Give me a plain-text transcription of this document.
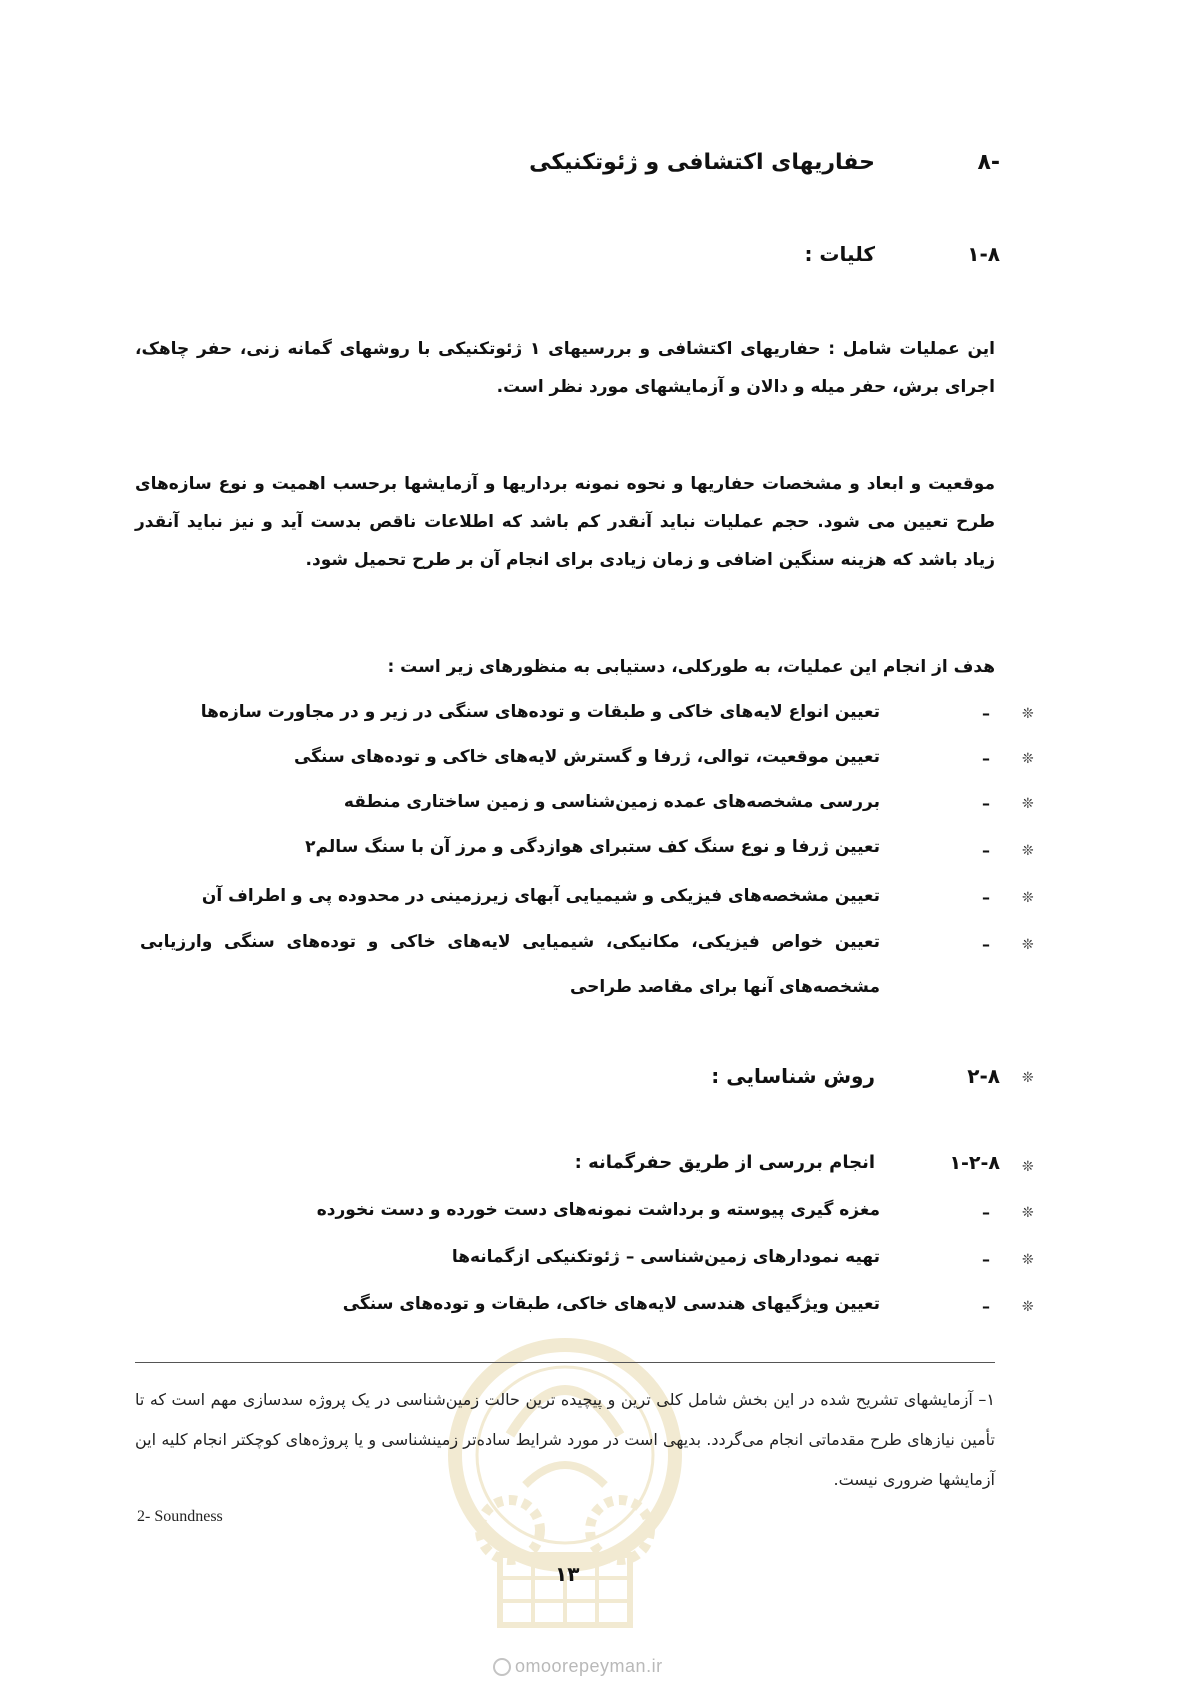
۸-
حفاریهای اکتشافی و ژئوتکنیکی
۱-۸
کلیات :
این عملیات شامل : حفاریهای اکتشافی و بررسیهای ۱ ژئوتکنیکی با روشهای گمانه زنی، حفر چاهک، اجرای برش، حفر میله و دالان و آزمایشهای مورد نظر است.
موقعیت و ابعاد و مشخصات حفاریها و نحوه نمونه برداریها و آزمایشها برحسب اهمیت و نوع سازه‌های طرح تعیین می شود. حجم عملیات نباید آنقدر کم باشد که اطلاعات ناقص بدست آید و نیز نباید آنقدر زیاد باشد که هزینه سنگین اضافی و زمان زیادی برای انجام آن بر طرح تحمیل شود.
هدف از انجام این عملیات، به طورکلی، دستیابی به منظورهای زیر است :
❊
–
تعیین انواع لایه‌های خاکی و طبقات و توده‌های سنگی در زیر و در مجاورت سازه‌ها
❊
–
تعیین موقعیت، توالی، ژرفا و گسترش لایه‌های خاکی و توده‌های سنگی
❊
–
بررسی مشخصه‌های عمده زمین‌شناسی و زمین ساختاری منطقه
❊
–
تعیین ژرفا و نوع سنگ کف ستبرای هوازدگی و مرز آن با سنگ سالم۲
❊
–
تعیین مشخصه‌های فیزیکی و شیمیایی آبهای زیرزمینی در محدوده پی و اطراف آن
❊
–
تعیین خواص فیزیکی، مکانیکی، شیمیایی لایه‌های خاکی و توده‌های سنگی وارزیابی مشخصه‌های آنها برای مقاصد طراحی
❊
۲-۸
روش شناسایی :
❊
۱-۲-۸
انجام بررسی از طریق حفرگمانه :
❊
–
مغزه گیری پیوسته و برداشت نمونه‌های دست خورده و دست نخورده
❊
–
تهیه نمودارهای زمین‌شناسی – ژئوتکنیکی ازگمانه‌ها
❊
–
تعیین ویژگیهای هندسی لایه‌های خاکی، طبقات و توده‌های سنگی
۱– آزمایشهای تشریح شده در این بخش شامل کلی ترین و پیچیده ترین حالت زمین‌شناسی در یک پروژه سدسازی مهم است که تا تأمین نیازهای طرح مقدماتی انجام می‌گردد. بدیهی است در مورد شرایط ساده‌تر زمینشناسی و یا پروژه‌های کوچکتر انجام کلیه این آزمایشها ضروری نیست.
2- Soundness
۱۳
omoorepeyman.ir
